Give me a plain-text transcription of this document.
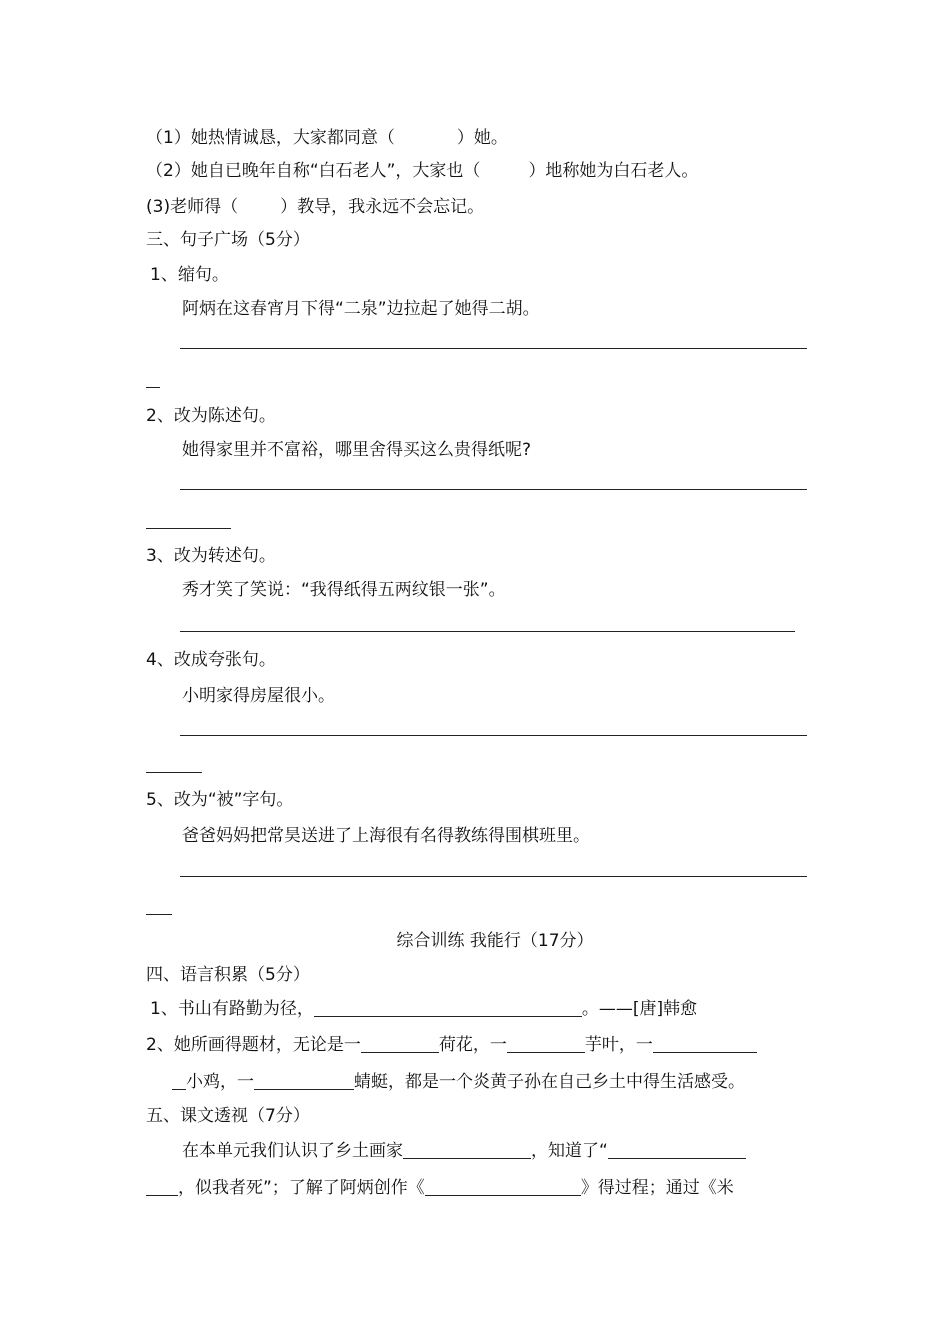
（1）她热情诚恳，大家都同意（	）她。
（2）她自已晚年自称“白石老人”，大家也（	）地称她为白石老人。
(3)老师得（ ）教导，我永远不会忘记。
三、句子广场（5分）
1、缩句。
阿炳在这春宵月下得“二泉”边拉起了她得二胡。
2、改为陈述句。
她得家里并不富裕，哪里舍得买这么贵得纸呢?
3、改为转述句。
秀才笑了笑说：“我得纸得五两纹银一张”。
4、改成夸张句。
小明家得房屋很小。
5、改为“被”字句。
爸爸妈妈把常昊送进了上海很有名得教练得围棋班里。
综合训练 我能行（17分）
四、语言积累（5分）
1、书山有路勤为径，	。——[唐]韩愈
2、她所画得题材，无论是一	荷花，一	芋叶，一
小鸡，一	蜻蜓，都是一个炎黄子孙在自己乡土中得生活感受。
五、课文透视（7分）
在本单元我们认识了乡土画家	，知道了“
，似我者死”；了解了阿炳创作《	》得过程；通过《米
